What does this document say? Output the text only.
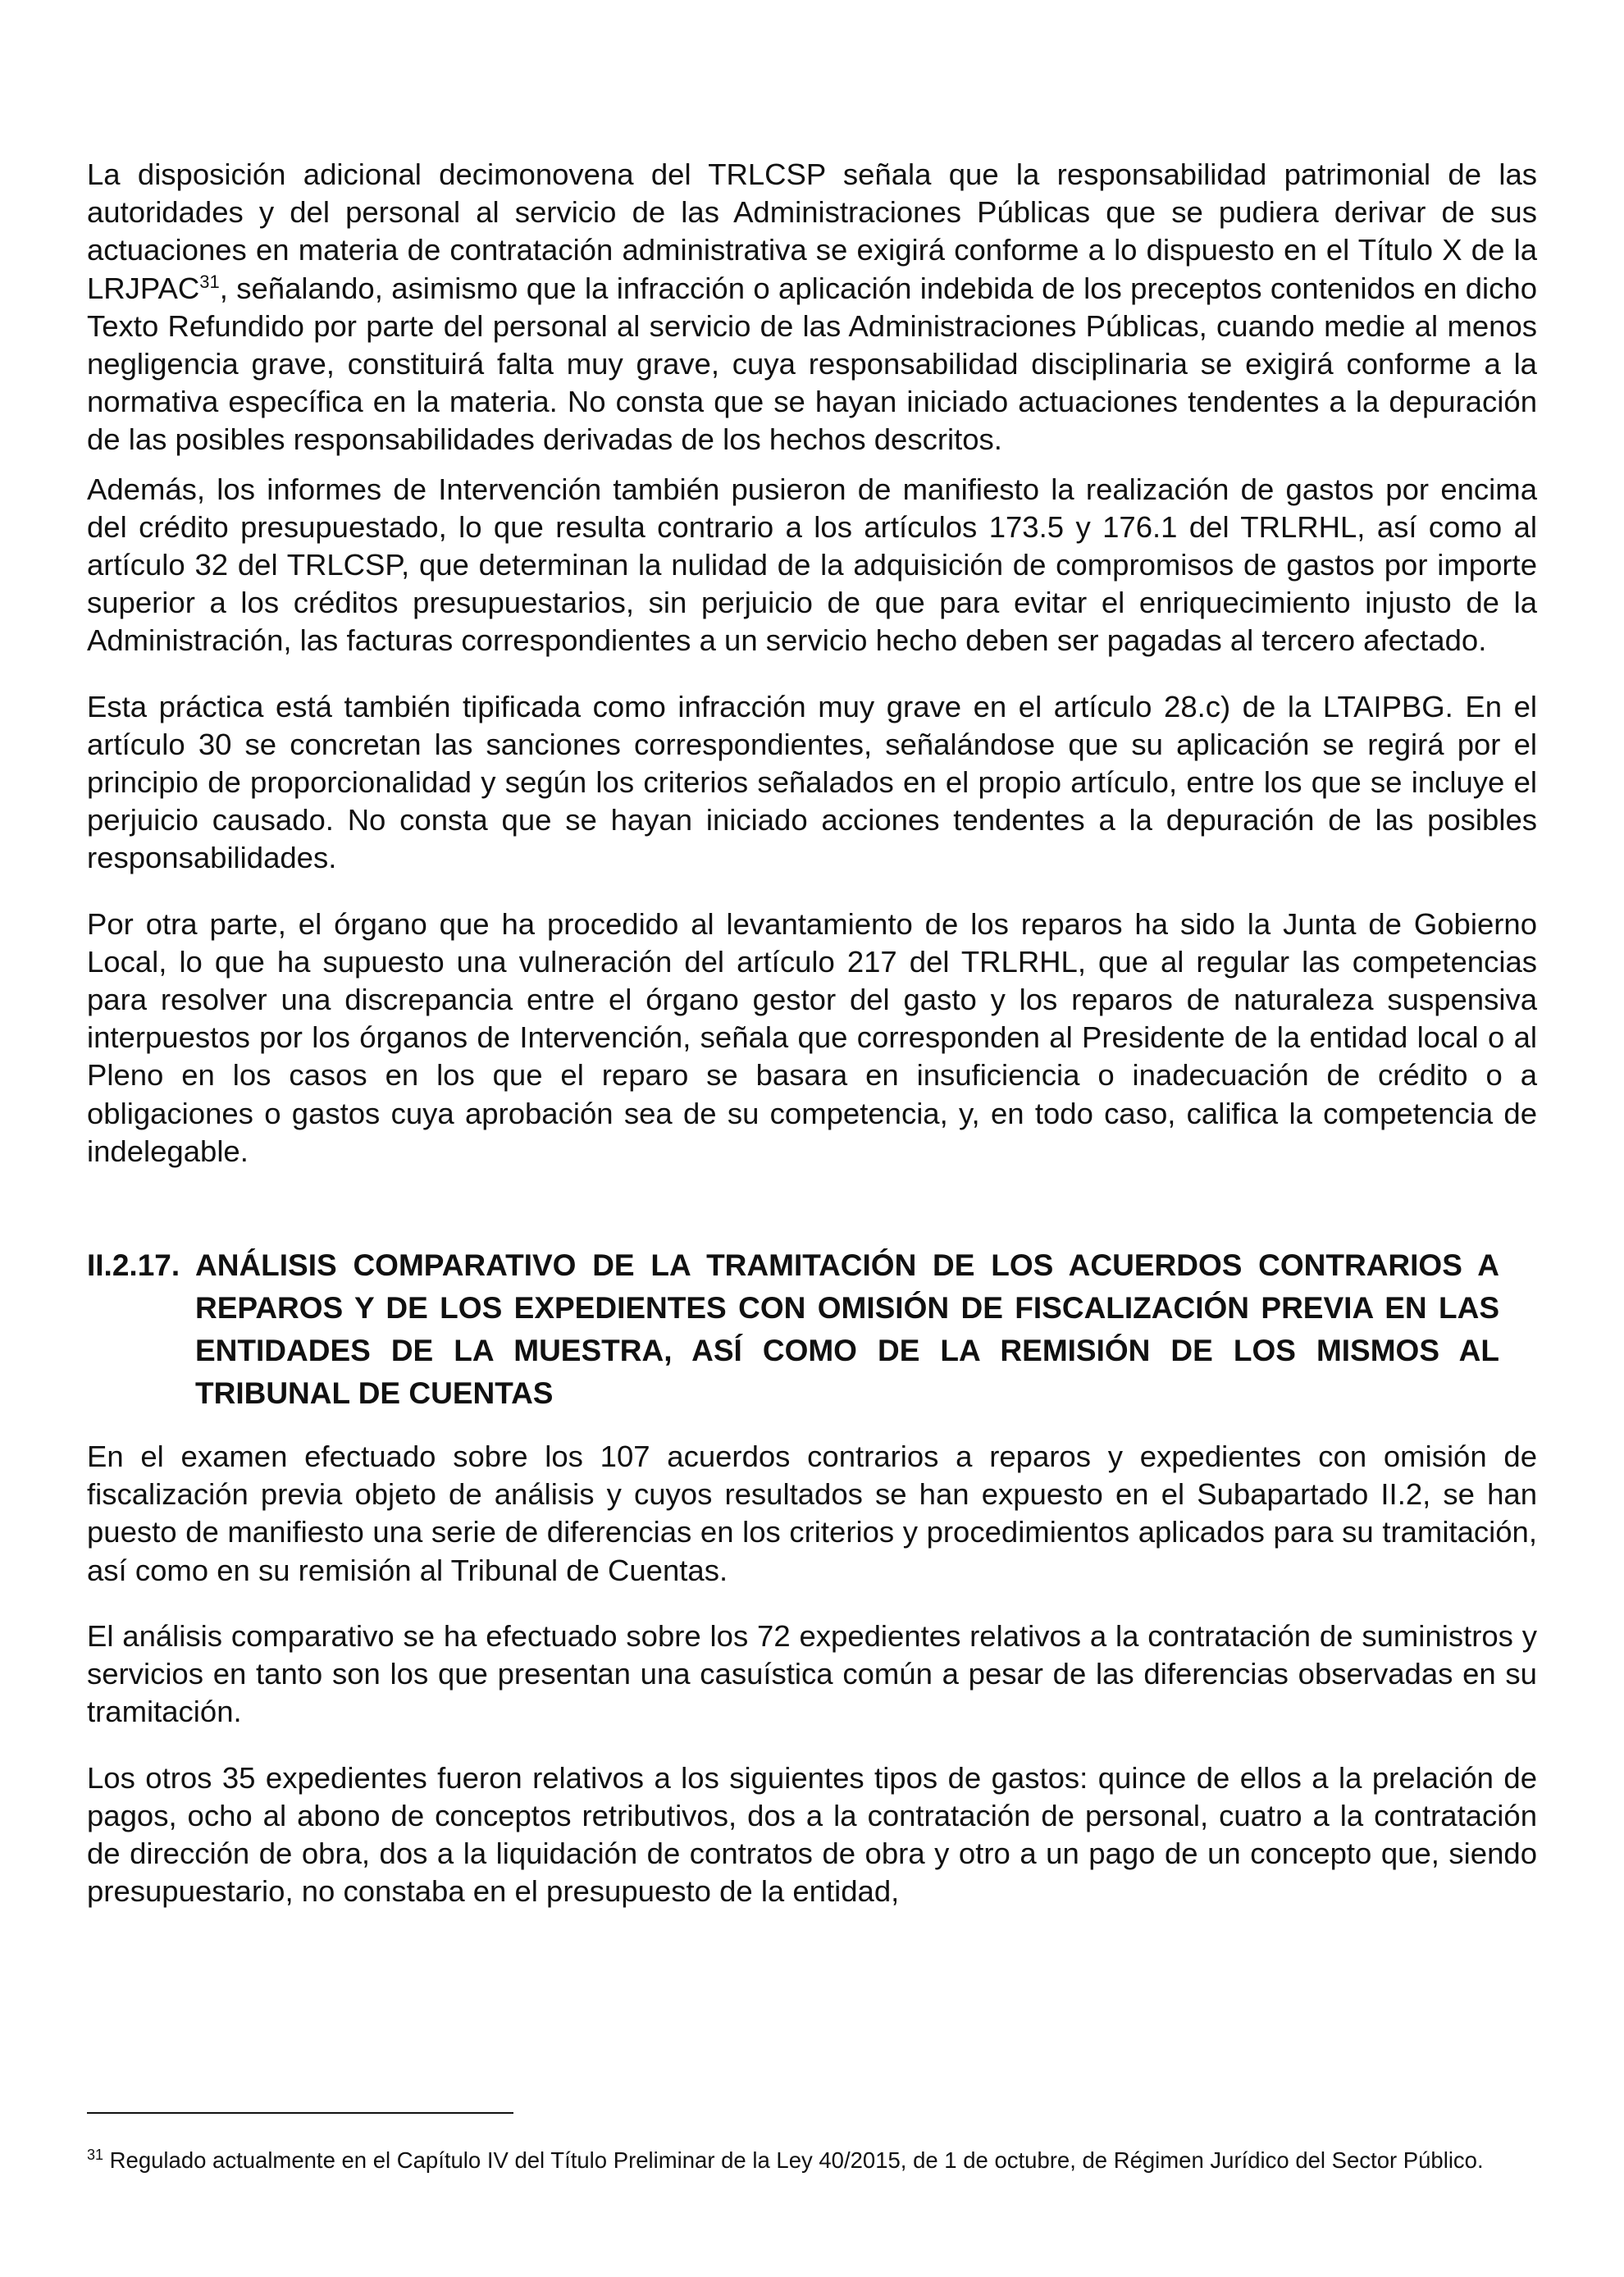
La disposición adicional decimonovena del TRLCSP señala que la responsabilidad patrimonial de las autoridades y del personal al servicio de las Administraciones Públicas que se pudiera derivar de sus actuaciones en materia de contratación administrativa se exigirá conforme a lo dispuesto en el Título X de la LRJPAC$^{31}$, señalando, asimismo que la infracción o aplicación indebida de los preceptos contenidos en dicho Texto Refundido por parte del personal al servicio de las Administraciones Públicas, cuando medie al menos negligencia grave, constituirá falta muy grave, cuya responsabilidad disciplinaria se exigirá conforme a la normativa específica en la materia. No consta que se hayan iniciado actuaciones tendentes a la depuración de las posibles responsabilidades derivadas de los hechos descritos.

Además, los informes de Intervención también pusieron de manifiesto la realización de gastos por encima del crédito presupuestado, lo que resulta contrario a los artículos 173.5 y 176.1 del TRLRHL, así como al artículo 32 del TRLCSP, que determinan la nulidad de la adquisición de compromisos de gastos por importe superior a los créditos presupuestarios, sin perjuicio de que para evitar el enriquecimiento injusto de la Administración, las facturas correspondientes a un servicio hecho deben ser pagadas al tercero afectado.

Esta práctica está también tipificada como infracción muy grave en el artículo 28.c) de la LTAIPBG. En el artículo 30 se concretan las sanciones correspondientes, señalándose que su aplicación se regirá por el principio de proporcionalidad y según los criterios señalados en el propio artículo, entre los que se incluye el perjuicio causado. No consta que se hayan iniciado acciones tendentes a la depuración de las posibles responsabilidades.

Por otra parte, el órgano que ha procedido al levantamiento de los reparos ha sido la Junta de Gobierno Local, lo que ha supuesto una vulneración del artículo 217 del TRLRHL, que al regular las competencias para resolver una discrepancia entre el órgano gestor del gasto y los reparos de naturaleza suspensiva interpuestos por los órganos de Intervención, señala que corresponden al Presidente de la entidad local o al Pleno en los casos en los que el reparo se basara en insuficiencia o inadecuación de crédito o a obligaciones o gastos cuya aprobación sea de su competencia, y, en todo caso, califica la competencia de indelegable.

II.2.17. ANÁLISIS COMPARATIVO DE LA TRAMITACIÓN DE LOS ACUERDOS CONTRARIOS A REPAROS Y DE LOS EXPEDIENTES CON OMISIÓN DE FISCALIZACIÓN PREVIA EN LAS ENTIDADES DE LA MUESTRA, ASÍ COMO DE LA REMISIÓN DE LOS MISMOS AL TRIBUNAL DE CUENTAS

En el examen efectuado sobre los 107 acuerdos contrarios a reparos y expedientes con omisión de fiscalización previa objeto de análisis y cuyos resultados se han expuesto en el Subapartado II.2, se han puesto de manifiesto una serie de diferencias en los criterios y procedimientos aplicados para su tramitación, así como en su remisión al Tribunal de Cuentas.

El análisis comparativo se ha efectuado sobre los 72 expedientes relativos a la contratación de suministros y servicios en tanto son los que presentan una casuística común a pesar de las diferencias observadas en su tramitación.

Los otros 35 expedientes fueron relativos a los siguientes tipos de gastos: quince de ellos a la prelación de pagos, ocho al abono de conceptos retributivos, dos a la contratación de personal, cuatro a la contratación de dirección de obra, dos a la liquidación de contratos de obra y otro a un pago de un concepto que, siendo presupuestario, no constaba en el presupuesto de la entidad,

$^{31}$ Regulado actualmente en el Capítulo IV del Título Preliminar de la Ley 40/2015, de 1 de octubre, de Régimen Jurídico del Sector Público.
